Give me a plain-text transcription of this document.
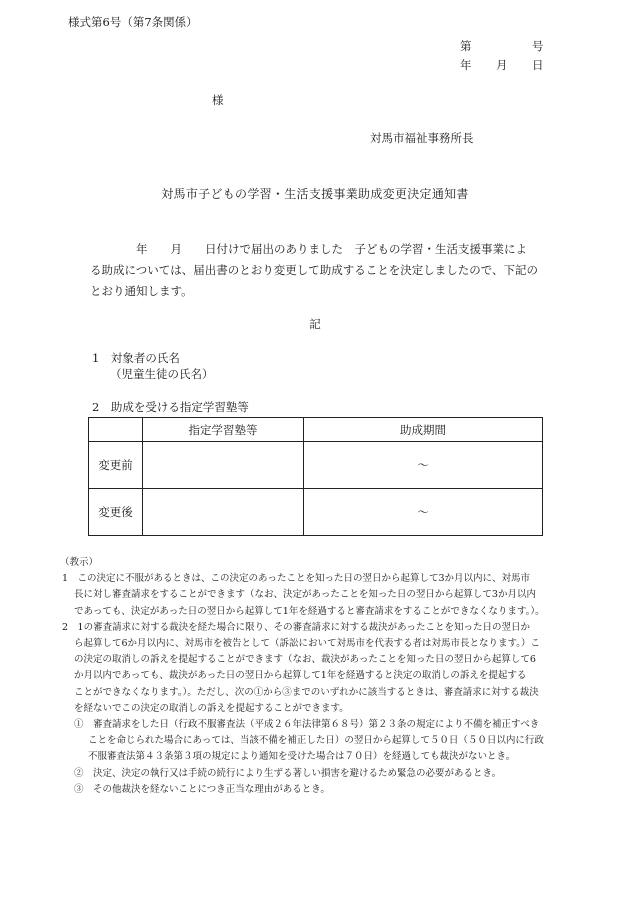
様式第6号（第7条関係）
第	号
年 月 日
様
対馬市福祉事務所長
対馬市子どもの学習・生活支援事業助成変更決定通知書

　　　　年　　月　　日付けで届出のありました　子どもの学習・生活支援事業によ

る助成については、届出書のとおり変更して助成することを決定しましたので、下記の

とおり通知します。

記
1　対象者の氏名
（児童生徒の氏名）
2　助成を受ける指定学習塾等
	指定学習塾等	助成期間
変更前		～
変更後		～
（教示）
1　この決定に不服があるときは、この決定のあったことを知った日の翌日から起算して3か月以内に、対馬市
長に対し審査請求をすることができます（なお、決定があったことを知った日の翌日から起算して3か月以内
であっても、決定があった日の翌日から起算して1年を経過すると審査請求をすることができなくなります。）。
2　1の審査請求に対する裁決を経た場合に限り、その審査請求に対する裁決があったことを知った日の翌日か
ら起算して6か月以内に、対馬市を被告として（訴訟において対馬市を代表する者は対馬市長となります。）こ
の決定の取消しの訴えを提起することができます（なお、裁決があったことを知った日の翌日から起算して6
か月以内であっても、裁決があった日の翌日から起算して1年を経過すると決定の取消しの訴えを提起する
ことができなくなります。）。ただし、次の①から③までのいずれかに該当するときは、審査請求に対する裁決
を経ないでこの決定の取消しの訴えを提起することができます。
①　審査請求をした日（行政不服審査法（平成２６年法律第６８号）第２３条の規定により不備を補正すべき
ことを命じられた場合にあっては、当該不備を補正した日）の翌日から起算して５０日（５０日以内に行政
不服審査法第４３条第３項の規定により通知を受けた場合は７０日）を経過しても裁決がないとき。
②　決定、決定の執行又は手続の続行により生ずる著しい損害を避けるため緊急の必要があるとき。
③　その他裁決を経ないことにつき正当な理由があるとき。
